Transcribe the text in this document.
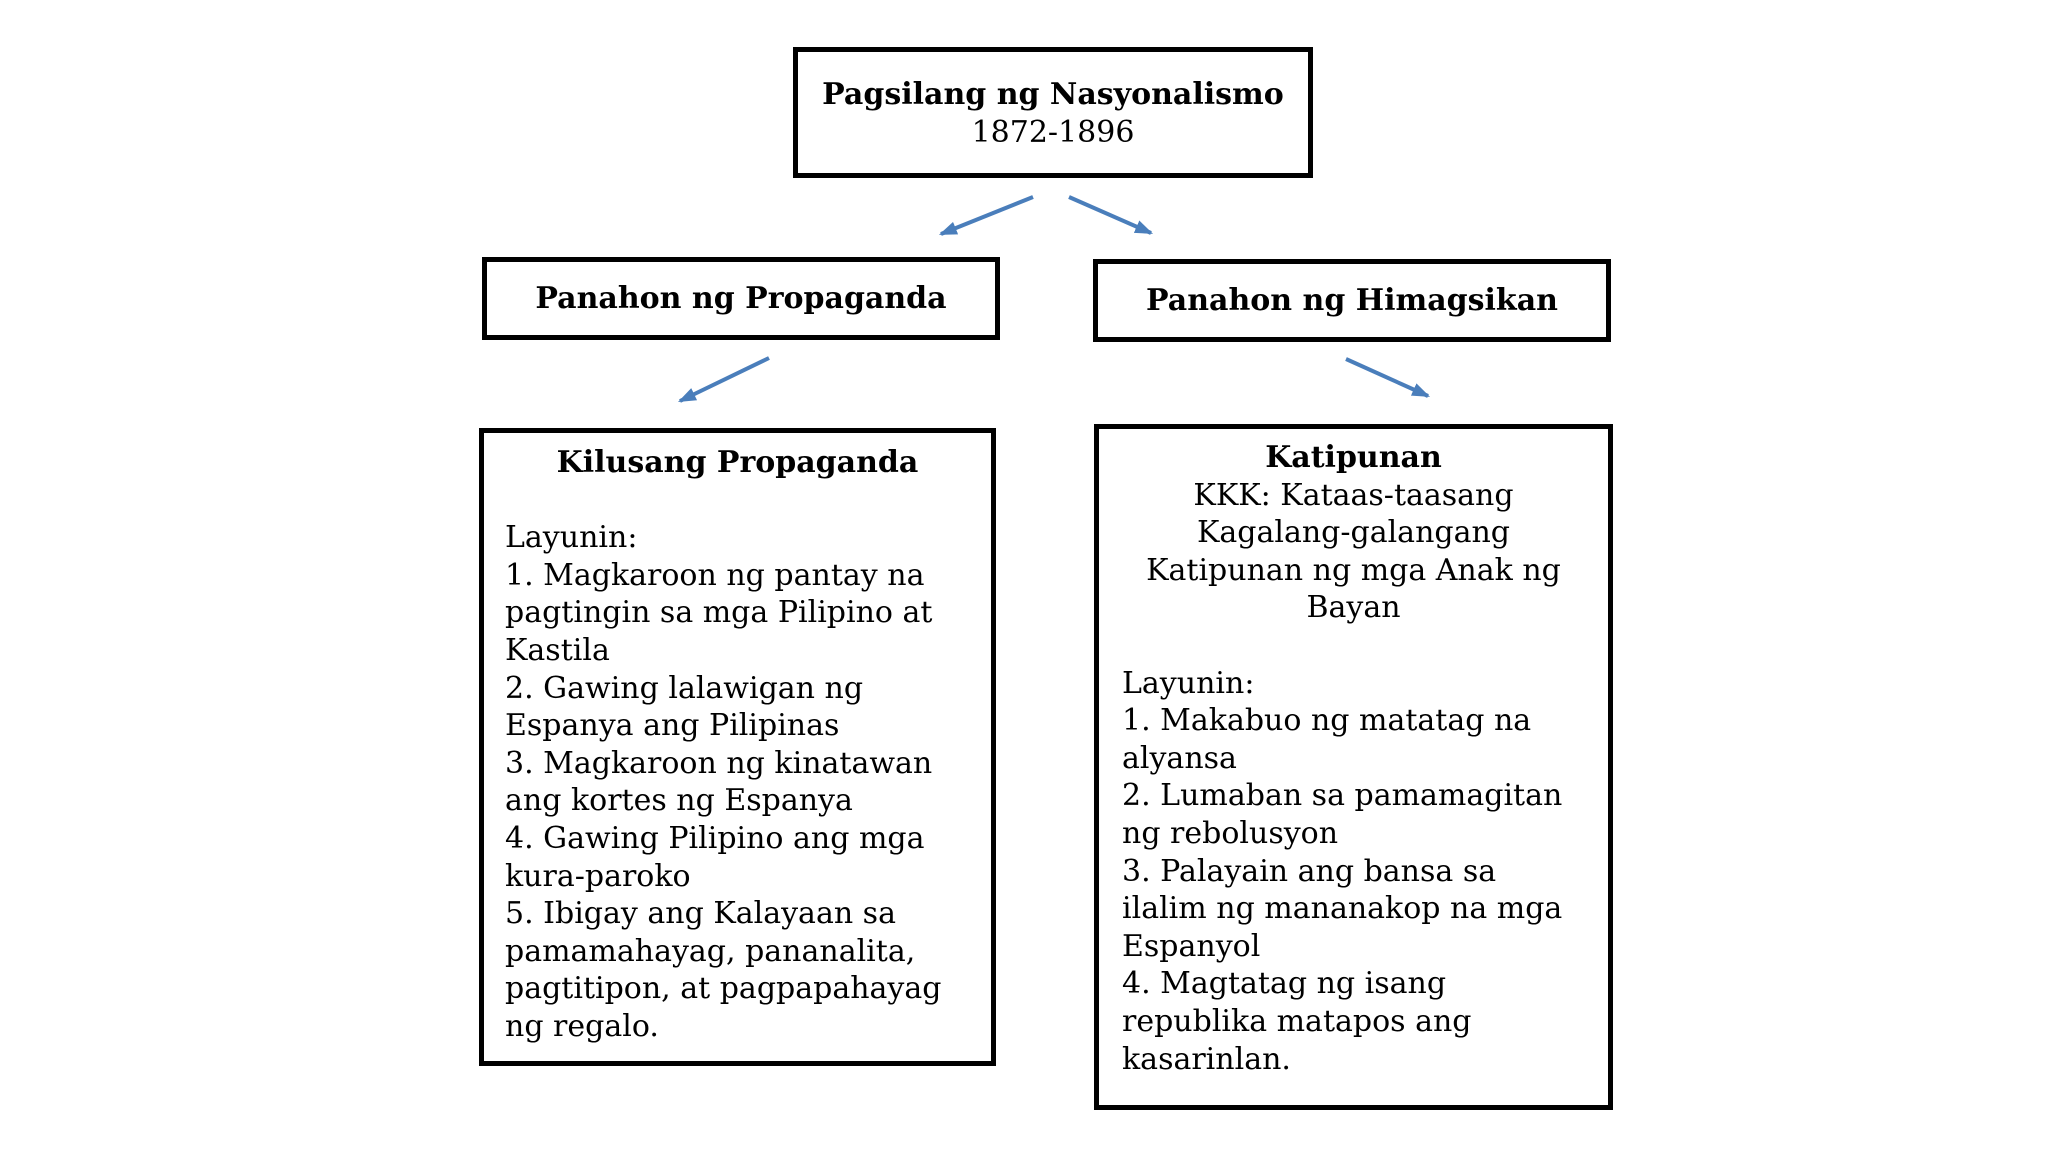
Pagsilang ng Nasyonalismo
1872-1896
Panahon ng Propaganda	Panahon ng Himagsikan
Kilusang Propaganda
Layunin:
1. Magkaroon ng pantay na
pagtingin sa mga Pilipino at
Kastila
2. Gawing lalawigan ng
Espanya ang Pilipinas
3. Magkaroon ng kinatawan
ang kortes ng Espanya
4. Gawing Pilipino ang mga
kura-paroko
5. Ibigay ang Kalayaan sa
pamamahayag, pananalita,
pagtitipon, at pagpapahayag
ng regalo.
Katipunan
KKK: Kataas-taasang
Kagalang-galangang
Katipunan ng mga Anak ng
Bayan
Layunin:
1. Makabuo ng matatag na
alyansa
2. Lumaban sa pamamagitan
ng rebolusyon
3. Palayain ang bansa sa
ilalim ng mananakop na mga
Espanyol
4. Magtatag ng isang
republika matapos ang
kasarinlan.
